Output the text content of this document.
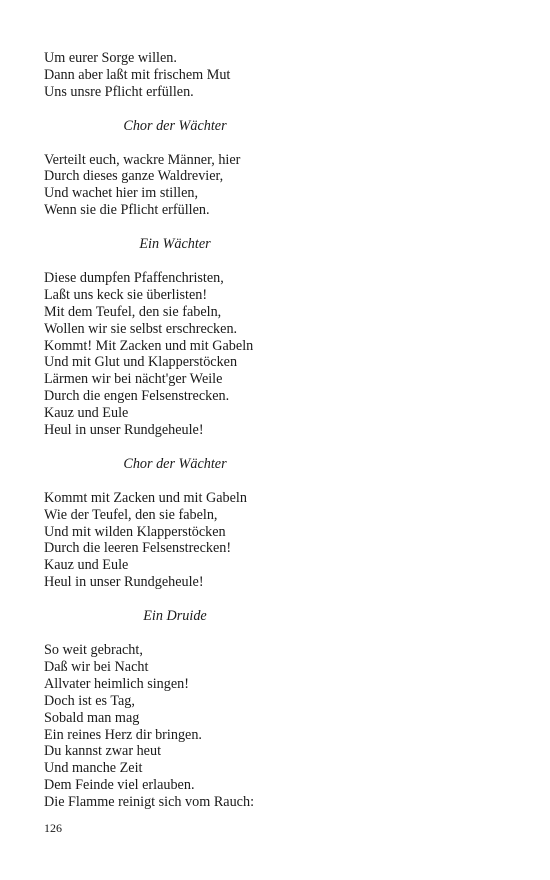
Um eurer Sorge willen.
Dann aber laßt mit frischem Mut
Uns unsre Pflicht erfüllen.
Chor der Wächter
Verteilt euch, wackre Männer, hier
Durch dieses ganze Waldrevier,
Und wachet hier im stillen,
Wenn sie die Pflicht erfüllen.
Ein Wächter
Diese dumpfen Pfaffenchristen,
Laßt uns keck sie überlisten!
Mit dem Teufel, den sie fabeln,
Wollen wir sie selbst erschrecken.
Kommt! Mit Zacken und mit Gabeln
Und mit Glut und Klapperstöcken
Lärmen wir bei nächt'ger Weile
Durch die engen Felsenstrecken.
Kauz und Eule
Heul in unser Rundgeheule!
Chor der Wächter
Kommt mit Zacken und mit Gabeln
Wie der Teufel, den sie fabeln,
Und mit wilden Klapperstöcken
Durch die leeren Felsenstrecken!
Kauz und Eule
Heul in unser Rundgeheule!
Ein Druide
So weit gebracht,
Daß wir bei Nacht
Allvater heimlich singen!
Doch ist es Tag,
Sobald man mag
Ein reines Herz dir bringen.
Du kannst zwar heut
Und manche Zeit
Dem Feinde viel erlauben.
Die Flamme reinigt sich vom Rauch:
126
